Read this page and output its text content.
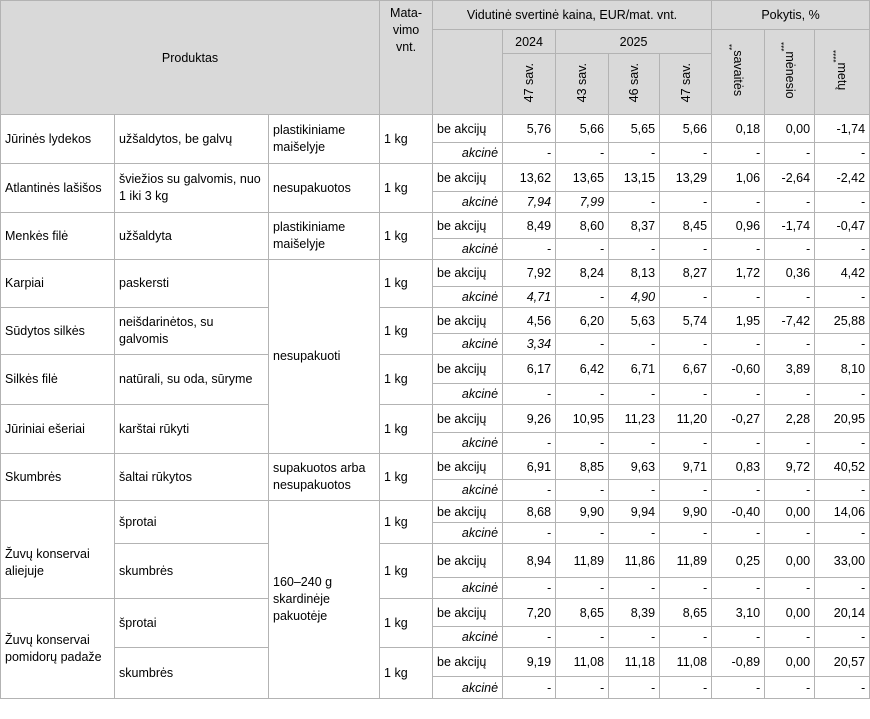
Produktas			Mata-vimo vnt.	Vidutinė svertinė kaina, EUR/mat. vnt.					Pokytis, %		
					2024	2025			savaitės**	mėnesio***	metų****
					47 sav.	43 sav.	46 sav.	47 sav.			
Jūrinės lydekos	užšaldytos, be galvų	plastikiniame maišelyje	1 kg	be akcijų	5,76	5,66	5,65	5,66	0,18	0,00	-1,74
				akcinė	-	-	-	-	-	-	-
Atlantinės lašišos	šviežios su galvomis, nuo 1 iki 3 kg	nesupakuotos	1 kg	be akcijų	13,62	13,65	13,15	13,29	1,06	-2,64	-2,42
				akcinė	7,94	7,99	-	-	-	-	-
Menkės filė	užšaldyta	plastikiniame maišelyje	1 kg	be akcijų	8,49	8,60	8,37	8,45	0,96	-1,74	-0,47
				akcinė	-	-	-	-	-	-	-
Karpiai	paskersti	nesupakuoti	1 kg	be akcijų	7,92	8,24	8,13	8,27	1,72	0,36	4,42
				akcinė	4,71	-	4,90	-	-	-	-
Sūdytos silkės	neišdarinėtos, su galvomis		1 kg	be akcijų	4,56	6,20	5,63	5,74	1,95	-7,42	25,88
				akcinė	3,34	-	-	-	-	-	-
Silkės filė	natūrali, su oda, sūryme		1 kg	be akcijų	6,17	6,42	6,71	6,67	-0,60	3,89	8,10
				akcinė	-	-	-	-	-	-	-
Jūriniai ešeriai	karštai rūkyti		1 kg	be akcijų	9,26	10,95	11,23	11,20	-0,27	2,28	20,95
				akcinė	-	-	-	-	-	-	-
Skumbrės	šaltai rūkytos	supakuotos arba nesupakuotos	1 kg	be akcijų	6,91	8,85	9,63	9,71	0,83	9,72	40,52
				akcinė	-	-	-	-	-	-	-
Žuvų konservai aliejuje	šprotai	160–240 g skardinėje pakuotėje	1 kg	be akcijų	8,68	9,90	9,94	9,90	-0,40	0,00	14,06
				akcinė	-	-	-	-	-	-	-
	skumbrės		1 kg	be akcijų	8,94	11,89	11,86	11,89	0,25	0,00	33,00
				akcinė	-	-	-	-	-	-	-
Žuvų konservai pomidorų padaže	šprotai		1 kg	be akcijų	7,20	8,65	8,39	8,65	3,10	0,00	20,14
				akcinė	-	-	-	-	-	-	-
	skumbrės		1 kg	be akcijų	9,19	11,08	11,18	11,08	-0,89	0,00	20,57
				akcinė	-	-	-	-	-	-	-
